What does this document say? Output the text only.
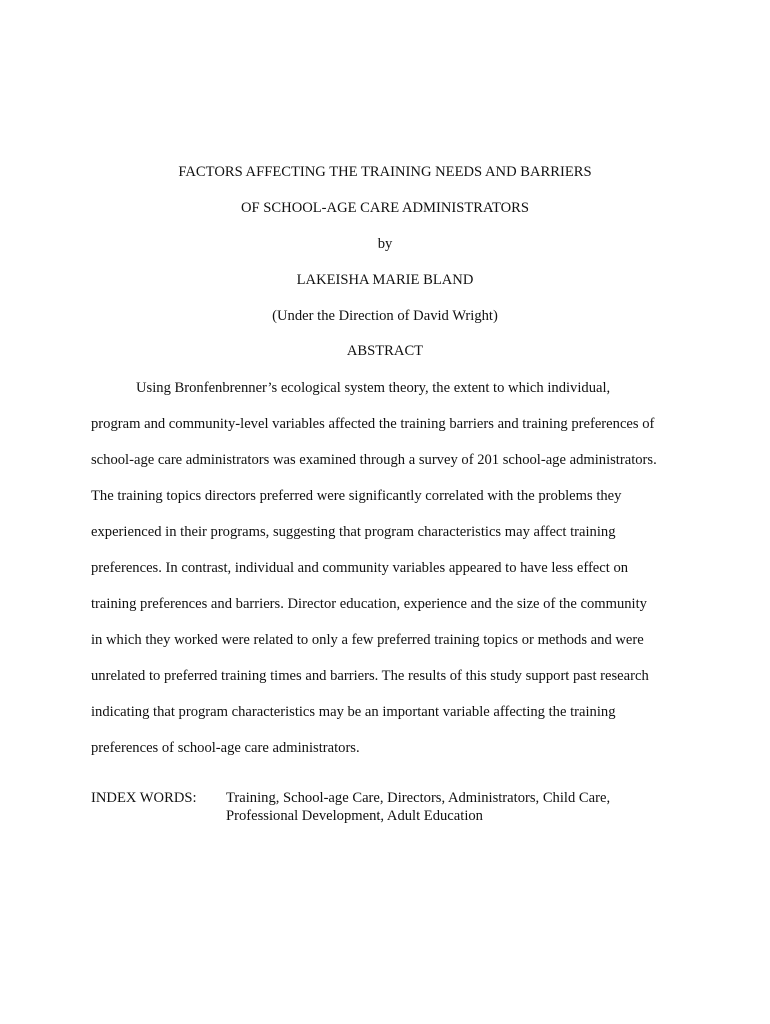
FACTORS AFFECTING THE TRAINING NEEDS AND BARRIERS
OF SCHOOL-AGE CARE ADMINISTRATORS
by
LAKEISHA MARIE BLAND
(Under the Direction of David Wright)
ABSTRACT
Using Bronfenbrenner’s ecological system theory, the extent to which individual,
program and community-level variables affected the training barriers and training preferences of
school-age care administrators was examined through a survey of 201 school-age administrators.
The training topics directors preferred were significantly correlated with the problems they
experienced in their programs, suggesting that program characteristics may affect training
preferences. In contrast, individual and community variables appeared to have less effect on
training preferences and barriers. Director education, experience and the size of the community
in which they worked were related to only a few preferred training topics or methods and were
unrelated to preferred training times and barriers. The results of this study support past research
indicating that program characteristics may be an important variable affecting the training
preferences of school-age care administrators.
INDEX WORDS: Training, School-age Care, Directors, Administrators, Child Care,
Professional Development, Adult Education
